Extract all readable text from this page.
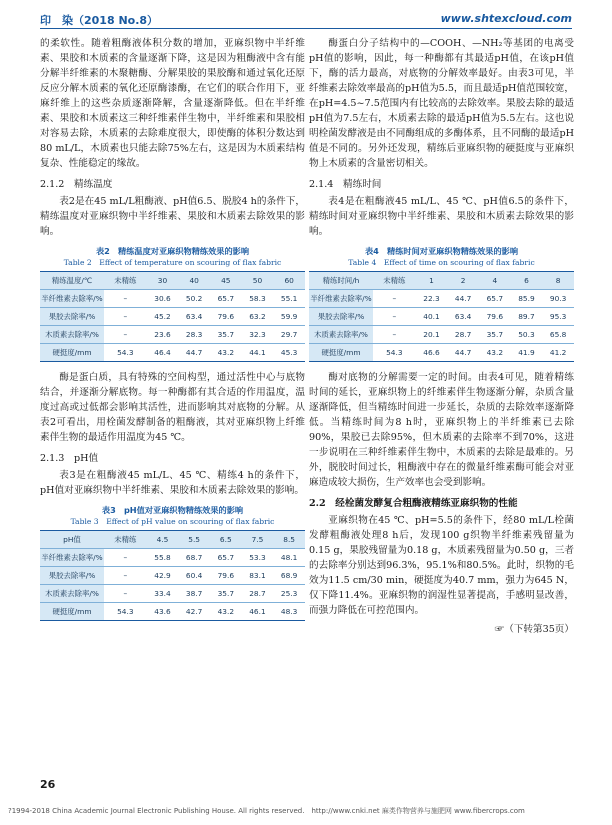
印　染（2018 No.8）	www.shtexcloud.com

的柔软性。随着粗酶液体积分数的增加，亚麻织物中半纤维素、果胶和木质素的含量逐渐下降，这是因为粗酶液中含有能分解半纤维素的木聚糖酶、分解果胶的果胶酶和通过氧化还原反应分解木质素的氧化还原酶漆酶，在它们的联合作用下，亚麻纤维上的这些杂质逐渐降解，含量逐渐降低。但在半纤维素、果胶和木质素这三种纤维素伴生物中，半纤维素和果胶相对容易去除，木质素的去除难度很大，即使酶的体积分数达到80 mL/L，木质素也只能去除75%左右，这是因为木质素结构复杂、性能稳定的缘故。

2.1.2　精练温度

表2是在45 mL/L粗酶液、pH值6.5、脱胶4 h的条件下，精练温度对亚麻织物中半纤维素、果胶和木质素去除效果的影响。

表2　精练温度对亚麻织物精练效果的影响
Table 2　Effect of temperature on scouring of flax fabric
精练温度/℃	未精练	30	40	45	50	60
半纤维素去除率/%	–	30.6	50.2	65.7	58.3	55.1
果胶去除率/%	–	45.2	63.4	79.6	63.2	59.9
木质素去除率/%	–	23.6	28.3	35.7	32.3	29.7
硬挺度/mm	54.3	46.4	44.7	43.2	44.1	45.3

酶是蛋白质，具有特殊的空间构型，通过活性中心与底物结合，并逐渐分解底物。每一种酶都有其合适的作用温度，温度过高或过低都会影响其活性，进而影响其对底物的分解。从表2可看出，用栓菌发酵制备的粗酶液，其对亚麻织物上纤维素伴生物的最适作用温度为45 ℃。

2.1.3　pH值

表3是在粗酶液45 mL/L、45 ℃、精练4 h的条件下，pH值对亚麻织物中半纤维素、果胶和木质素去除效果的影响。

表3　pH值对亚麻织物精练效果的影响
Table 3　Effect of pH value on scouring of flax fabric
pH值	未精练	4.5	5.5	6.5	7.5	8.5
半纤维素去除率/%	–	55.8	68.7	65.7	53.3	48.1
果胶去除率/%	–	42.9	60.4	79.6	83.1	68.9
木质素去除率/%	–	33.4	38.7	35.7	28.7	25.3
硬挺度/mm	54.3	43.6	42.7	43.2	46.1	48.3

酶蛋白分子结构中的—COOH、—NH₂等基团的电离受pH值的影响，因此，每一种酶都有其最适pH值，在该pH值下，酶的活力最高，对底物的分解效率最好。由表3可见，半纤维素去除效率最高的pH值为5.5，而且最适pH值范围较宽，在pH=4.5~7.5范围内有比较高的去除效率。果胶去除的最适pH值为7.5左右，木质素去除的最适pH值为5.5左右。这也说明栓菌发酵液是由不同酶组成的多酶体系，且不同酶的最适pH值是不同的。另外还发现，精练后亚麻织物的硬挺度与亚麻织物上木质素的含量密切相关。

2.1.4　精练时间

表4是在粗酶液45 mL/L、45 ℃、pH值6.5的条件下，精练时间对亚麻织物中半纤维素、果胶和木质素去除效果的影响。

表4　精练时间对亚麻织物精练效果的影响
Table 4　Effect of time on scouring of flax fabric
精练时间/h	未精练	1	2	4	6	8
半纤维素去除率/%	–	22.3	44.7	65.7	85.9	90.3
果胶去除率/%	–	40.1	63.4	79.6	89.7	95.3
木质素去除率/%	–	20.1	28.7	35.7	50.3	65.8
硬挺度/mm	54.3	46.6	44.7	43.2	41.9	41.2

酶对底物的分解需要一定的时间。由表4可见，随着精练时间的延长，亚麻织物上的纤维素伴生物逐渐分解，杂质含量逐渐降低，但当精练时间进一步延长，杂质的去除效率逐渐降低。当精练时间为8 h时，亚麻织物上的半纤维素已去除90%，果胶已去除95%，但木质素的去除率不到70%，这进一步说明在三种纤维素伴生物中，木质素的去除是最难的。另外，脱胶时间过长，粗酶液中存在的微量纤维素酶可能会对亚麻造成较大损伤，生产效率也会受到影响。

2.2　经栓菌发酵复合粗酶液精练亚麻织物的性能

亚麻织物在45 ℃、pH=5.5的条件下，经80 mL/L栓菌发酵粗酶液处理8 h后，发现100 g织物半纤维素残留量为0.15 g，果胶残留量为0.18 g，木质素残留量为0.50 g，三者的去除率分别达到96.3%，95.1%和80.5%。此时，织物的毛效为11.5 cm/30 min，硬挺度为40.7 mm，强力为645 N，仅下降11.4%。亚麻织物的润湿性显著提高，手感明显改善，而强力降低在可控范围内。

☞（下转第35页）
26
?1994-2018 China Academic Journal Electronic Publishing House. All rights reserved.　http://www.cnki.net 麻类作物营养与施肥网 www.fibercrops.com
